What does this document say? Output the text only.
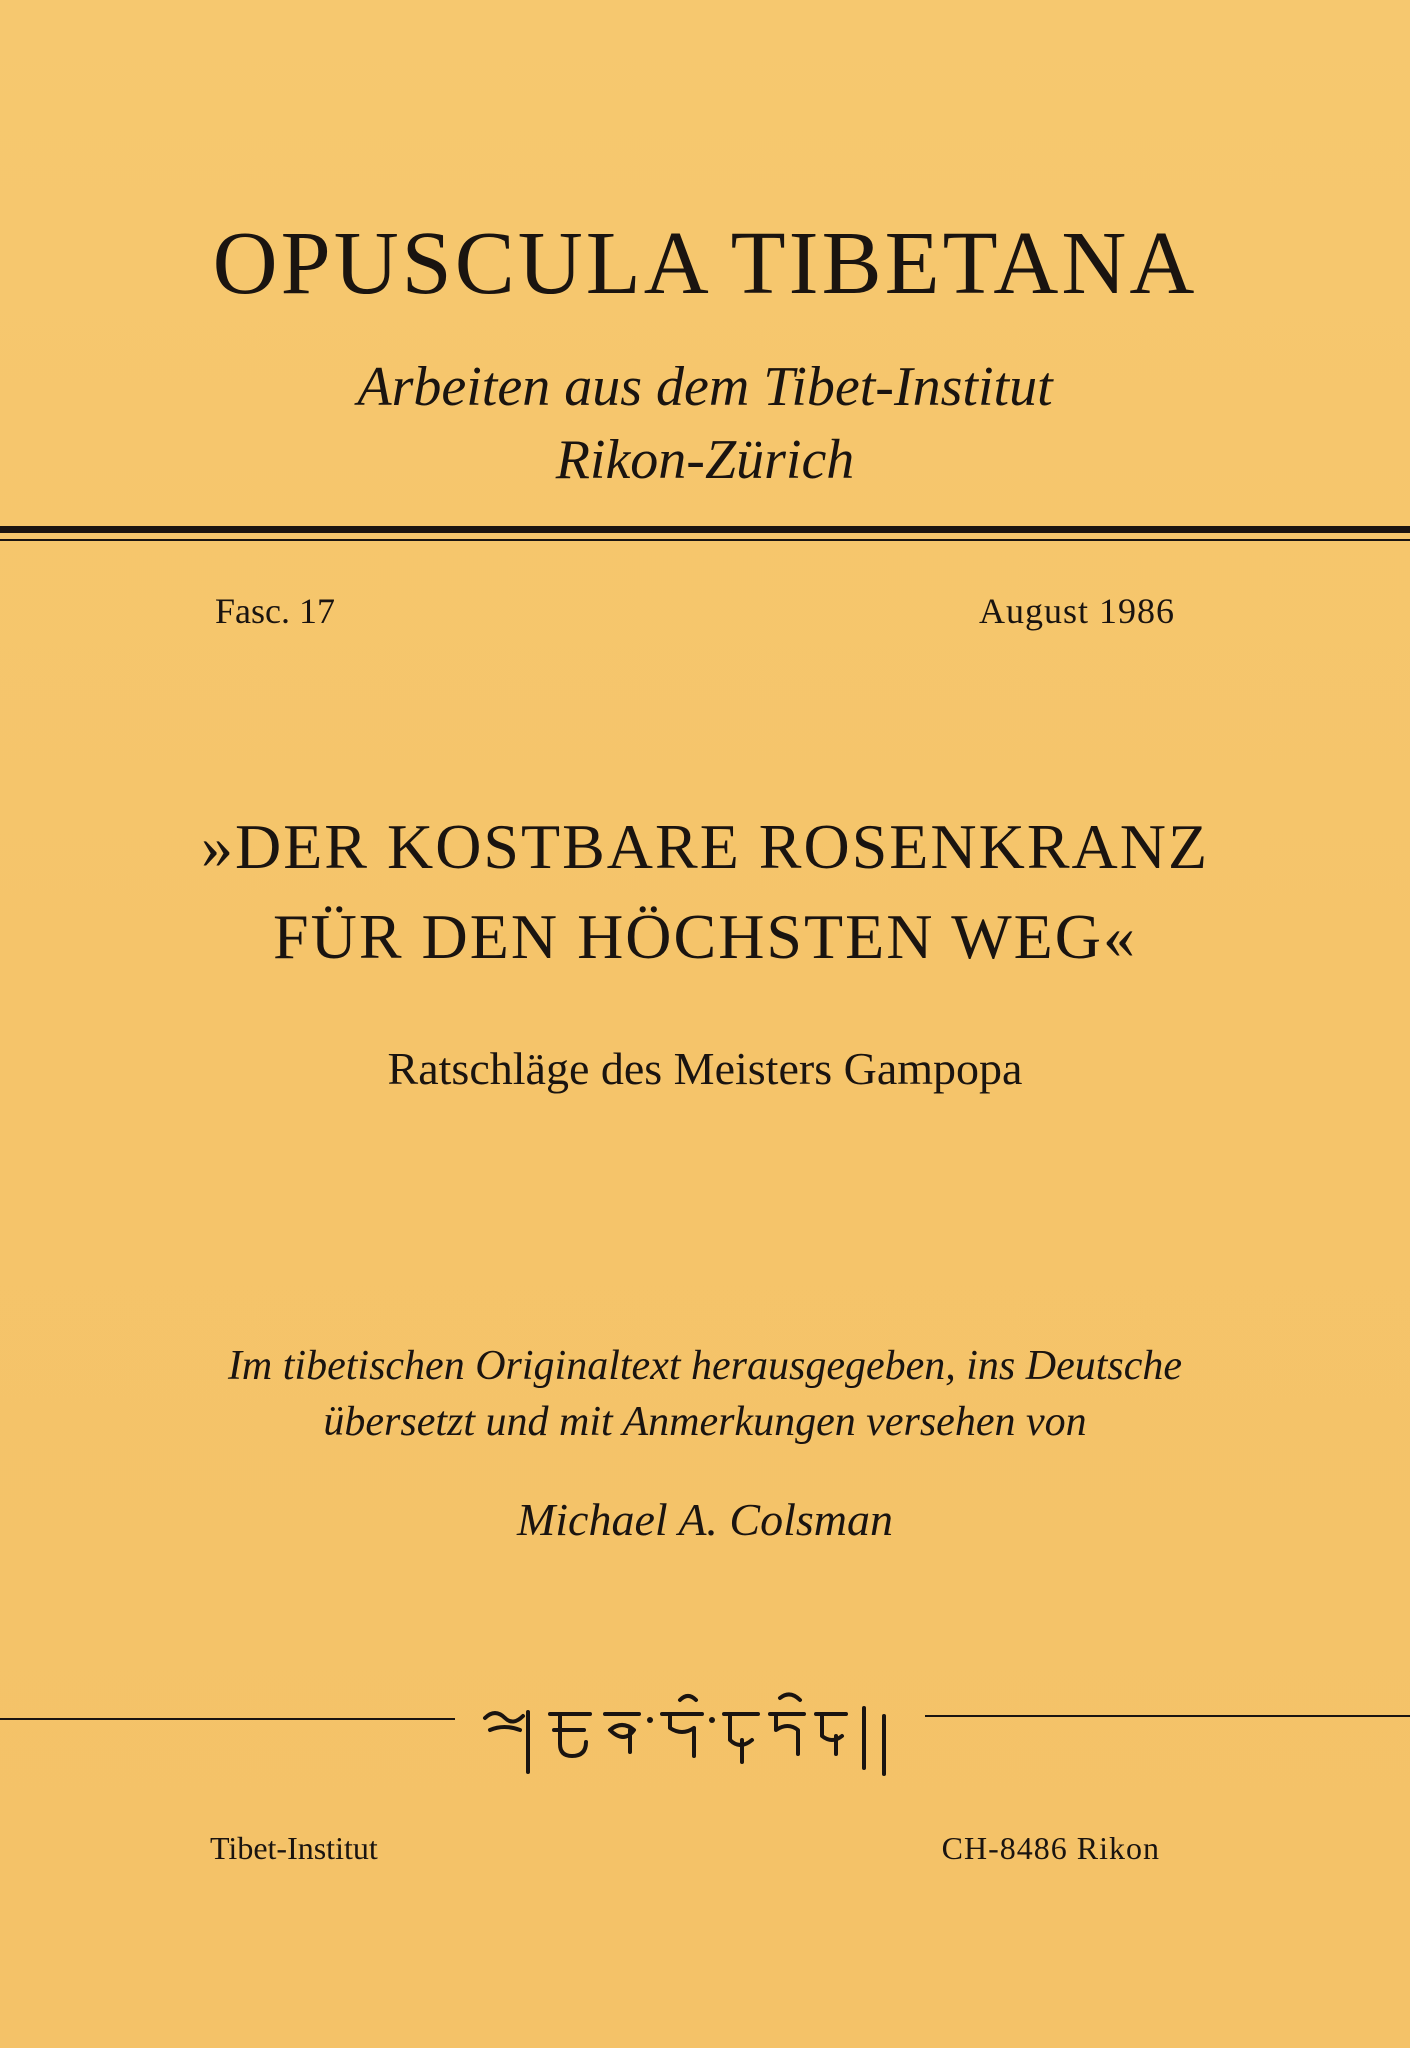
OPUSCULA TIBETANA
Arbeiten aus dem Tibet-Institut
Rikon-Zürich
Fasc. 17	August 1986
»DER KOSTBARE ROSENKRANZ
FÜR DEN HÖCHSTEN WEG«
Ratschläge des Meisters Gampopa
Im tibetischen Originaltext herausgegeben, ins Deutsche
übersetzt und mit Anmerkungen versehen von
Michael A. Colsman
Tibet-Institut	CH-8486 Rikon
